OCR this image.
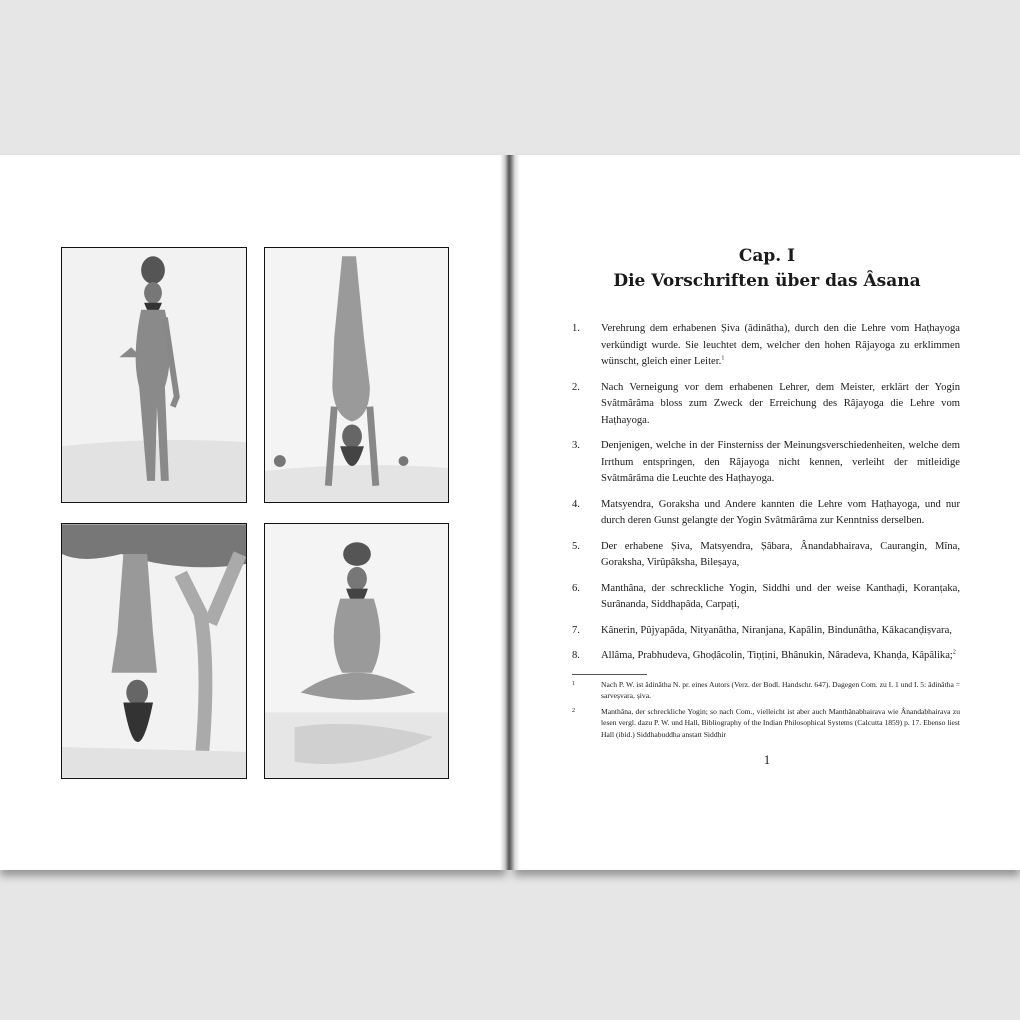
Cap. I
Die Vorschriften über das Âsana
1.	Verehrung dem erhabenen Șiva (âdinâtha), durch den die Lehre vom Haṭhayoga verkündigt wurde. Sie leuchtet dem, welcher den hohen Râjayoga zu erklimmen wünscht, gleich einer Leiter.$^1$
2.	Nach Verneigung vor dem erhabenen Lehrer, dem Meister, erklärt der Yogin Svâtmârâma bloss zum Zweck der Erreichung des Râjayoga die Lehre vom Haṭhayoga.
3.	Denjenigen, welche in der Finsterniss der Meinungsverschiedenheiten, welche dem Irrthum entspringen, den Râjayoga nicht kennen, verleiht der mitleidige Svâtmârâma die Leuchte des Haṭhayoga.
4.	Matsyendra, Goraksha und Andere kannten die Lehre vom Haṭhayoga, und nur durch deren Gunst gelangte der Yogin Svâtmârâma zur Kenntniss derselben.
5.	Der erhabene Șiva, Matsyendra, Șâbara, Ânandabhairava, Caurangin, Mîna, Goraksha, Virûpâksha, Bileșaya,
6.	Manthâna, der schreckliche Yogin, Siddhi und der weise Kanthaḍi, Koranṭaka, Surânanda, Siddhapâda, Carpaṭi,
7.	Kânerin, Pûjyapâda, Nityanâtha, Niranjana, Kapâlin, Bindunâtha, Kâkacanḍiṣvara,
8.	Allâma, Prabhudeva, Ghoḍâcolin, Tiṇṭini, Bhânukin, Nâradeva, Khanḍa, Kâpâlika;$^2$
1	Nach P. W. ist âdinâtha N. pr. eines Autors (Verz. der Bodl. Handschr. 647). Dagegen Com. zu I. 1 und I. 5: âdinâtha = sarveșvara, șiva.
2	Manthâna, der schreckliche Yogin; so nach Com., vielleicht ist aber auch Manthânabhairava wie Ânandabhairava zu lesen vergl. dazu P. W. und Hall, Bibliography of the Indian Philosophical Systems (Calcutta 1859) p. 17. Ebenso liest Hall (ibid.) Siddhabuddha anstatt Siddhir
1
